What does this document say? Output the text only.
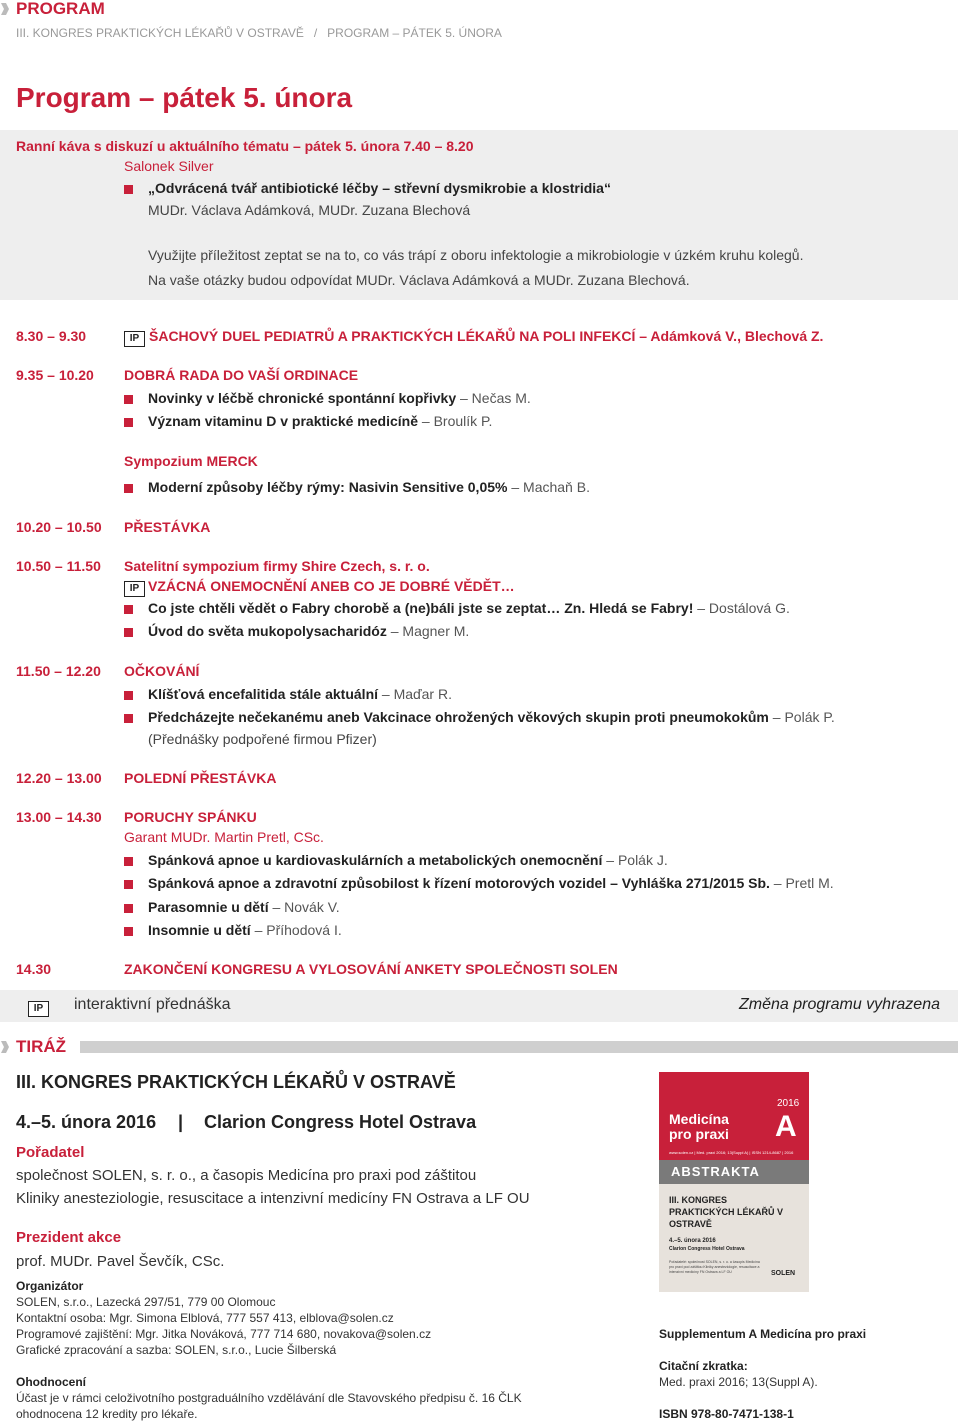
PROGRAM
III. KONGRES PRAKTICKÝCH LÉKAŘŮ V OSTRAVĚ   /   PROGRAM – PÁTEK 5. ÚNORA
Program – pátek 5. února
Ranní káva s diskuzí u aktuálního tématu – pátek 5. února 7.40 – 8.20
Salonek Silver
„Odvrácená tvář antibiotické léčby – střevní dysmikrobie a klostridia“
MUDr. Václava Adámková, MUDr. Zuzana Blechová
Využijte příležitost zeptat se na to, co vás trápí z oboru infektologie a mikrobiologie v úzkém kruhu kolegů.
Na vaše otázky budou odpovídat MUDr. Václava Adámková a MUDr. Zuzana Blechová.
8.30 – 9.30	IP ŠACHOVÝ DUEL PEDIATRŮ A PRAKTICKÝCH LÉKAŘŮ NA POLI INFEKCÍ – Adámková V., Blechová Z.
9.35 – 10.20 DOBRÁ RADA DO VAŠÍ ORDINACE
Novinky v léčbě chronické spontánní kopřivky – Nečas M.
Význam vitaminu D v praktické medicíně – Broulík P.
Sympozium MERCK
Moderní způsoby léčby rýmy: Nasivin Sensitive 0,05% – Machaň B.
10.20 – 10.50 PŘESTÁVKA
10.50 – 11.50 Satelitní sympozium firmy Shire Czech, s. r. o.
IP VZÁCNÁ ONEMOCNĚNÍ ANEB CO JE DOBRÉ VĚDĚT…
Co jste chtěli vědět o Fabry chorobě a (ne)báli jste se zeptat… Zn. Hledá se Fabry! – Dostálová G.
Úvod do světa mukopolysacharidóz – Magner M.
11.50 – 12.20 OČKOVÁNÍ
Klíšťová encefalitida stále aktuální – Maďar R.
Předcházejte nečekanému aneb Vakcinace ohrožených věkových skupin proti pneumokokům – Polák P.
(Přednášky podpořené firmou Pfizer)
12.20 – 13.00 POLEDNÍ PŘESTÁVKA
13.00 – 14.30 PORUCHY SPÁNKU
Garant MUDr. Martin Pretl, CSc.
Spánková apnoe u kardiovaskulárních a metabolických onemocnění – Polák J.
Spánková apnoe a zdravotní způsobilost k řízení motorových vozidel – Vyhláška 271/2015 Sb. – Pretl M.
Parasomnie u dětí – Novák V.
Insomnie u dětí – Příhodová I.
14.30	ZAKONČENÍ KONGRESU A VYLOSOVÁNÍ ANKETY SPOLEČNOSTI SOLEN
IP	interaktivní přednáška	Změna programu vyhrazena
TIRÁŽ
III. KONGRES PRAKTICKÝCH LÉKAŘŮ V OSTRAVĚ
4.–5. února 2016 | Clarion Congress Hotel Ostrava
Pořadatel
společnost SOLEN, s. r. o., a časopis Medicína pro praxi pod záštitou
Kliniky anesteziologie, resuscitace a intenzivní medicíny FN Ostrava a LF OU
Prezident akce
prof. MUDr. Pavel Ševčík, CSc.
Organizátor
SOLEN, s.r.o., Lazecká 297/51, 779 00 Olomouc
Kontaktní osoba: Mgr. Simona Elblová, 777 557 413, elblova@solen.cz
Programové zajištění: Mgr. Jitka Nováková, 777 714 680, novakova@solen.cz
Grafické zpracování a sazba: SOLEN, s.r.o., Lucie Šilberská
Ohodnocení
Účast je v rámci celoživotního postgraduálního vzdělávání dle Stavovského předpisu č. 16 ČLK
ohodnocena 12 kredity pro lékaře.
Medicína pro praxi
2016
A
www.solen.cz | Med. praxi 2016; 13(Suppl A) | ISSN 1214-8687 | 2016
ABSTRAKTA
III. KONGRES PRAKTICKÝCH LÉKAŘŮ V OSTRAVĚ
4.–5. února 2016
Clarion Congress Hotel Ostrava
Pořadatelé: společnost SOLEN, s. r. o. a časopis Medicína pro praxi pod záštitou Kliniky anesteziologie, resuscitace a intenzivní medicíny FN Ostrava a LF OU	SOLEN
Supplementum A Medicína pro praxi
Citační zkratka:
Med. praxi 2016; 13(Suppl A).
ISBN 978-80-7471-138-1
